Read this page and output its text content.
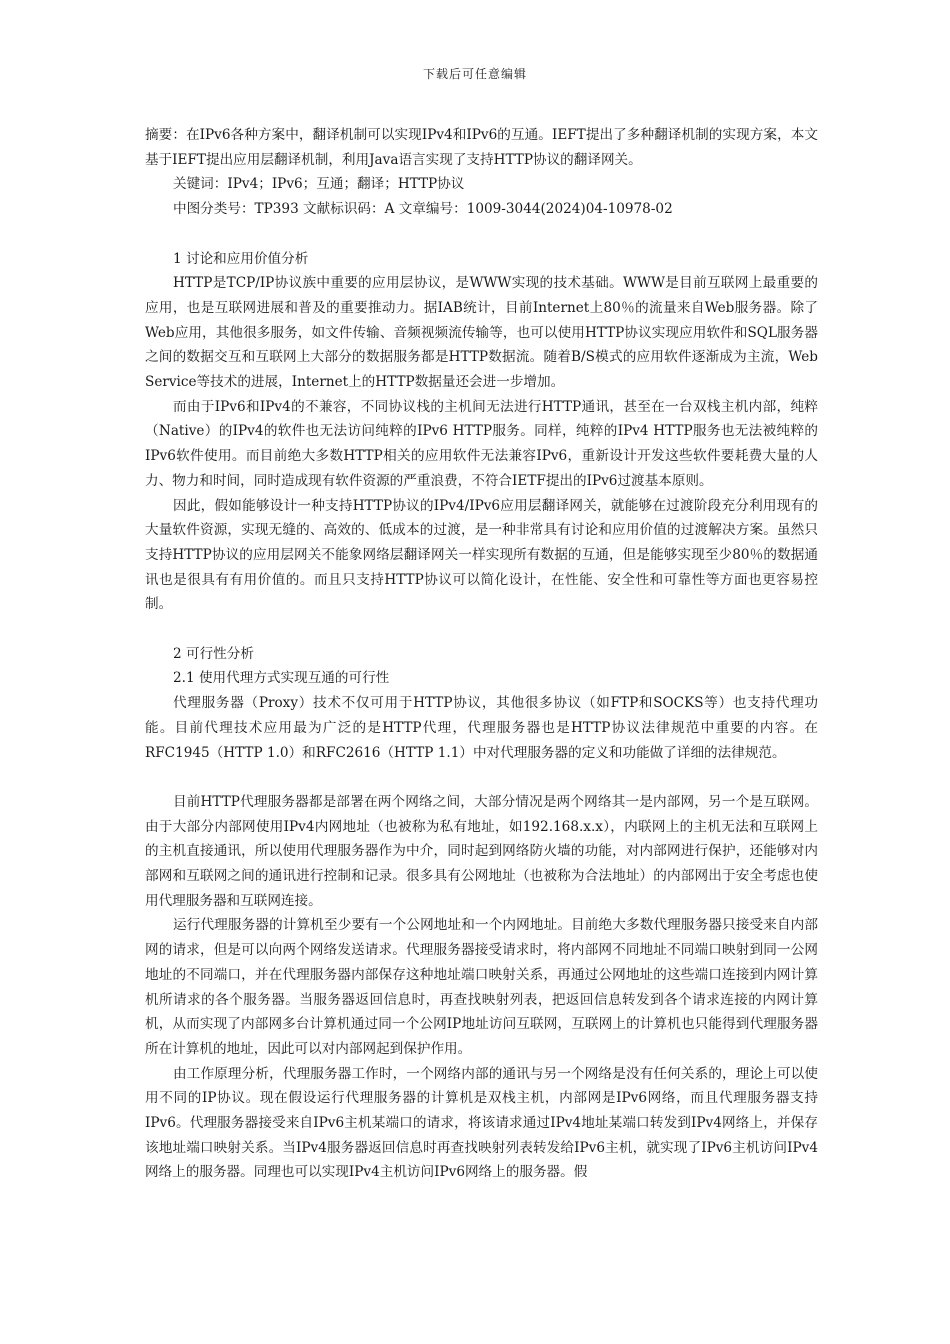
下载后可任意编辑

摘要：在IPv6各种方案中，翻译机制可以实现IPv4和IPv6的互通。IEFT提出了多种翻译机制的实现方案，本文基于IEFT提出应用层翻译机制，利用Java语言实现了支持HTTP协议的翻译网关。

关键词：IPv4；IPv6；互通；翻译；HTTP协议

中图分类号：TP393 文献标识码：A 文章编号：1009-3044(2024)04-10978-02

1 讨论和应用价值分析

HTTP是TCP/IP协议族中重要的应用层协议，是WWW实现的技术基础。WWW是目前互联网上最重要的应用，也是互联网进展和普及的重要推动力。据IAB统计，目前Internet上80％的流量来自Web服务器。除了Web应用，其他很多服务，如文件传输、音频视频流传输等，也可以使用HTTP协议实现应用软件和SQL服务器之间的数据交互和互联网上大部分的数据服务都是HTTP数据流。随着B/S模式的应用软件逐渐成为主流，Web Service等技术的进展，Internet上的HTTP数据量还会进一步增加。

而由于IPv6和IPv4的不兼容，不同协议栈的主机间无法进行HTTP通讯，甚至在一台双栈主机内部，纯粹（Native）的IPv4的软件也无法访问纯粹的IPv6 HTTP服务。同样，纯粹的IPv4 HTTP服务也无法被纯粹的IPv6软件使用。而目前绝大多数HTTP相关的应用软件无法兼容IPv6，重新设计开发这些软件要耗费大量的人力、物力和时间，同时造成现有软件资源的严重浪费，不符合IETF提出的IPv6过渡基本原则。

因此，假如能够设计一种支持HTTP协议的IPv4/IPv6应用层翻译网关，就能够在过渡阶段充分利用现有的大量软件资源，实现无缝的、高效的、低成本的过渡，是一种非常具有讨论和应用价值的过渡解决方案。虽然只支持HTTP协议的应用层网关不能象网络层翻译网关一样实现所有数据的互通，但是能够实现至少80％的数据通讯也是很具有有用价值的。而且只支持HTTP协议可以简化设计，在性能、安全性和可靠性等方面也更容易控制。

2 可行性分析

2.1 使用代理方式实现互通的可行性

代理服务器（Proxy）技术不仅可用于HTTP协议，其他很多协议（如FTP和SOCKS等）也支持代理功能。目前代理技术应用最为广泛的是HTTP代理，代理服务器也是HTTP协议法律规范中重要的内容。在RFC1945（HTTP 1.0）和RFC2616（HTTP 1.1）中对代理服务器的定义和功能做了详细的法律规范。

目前HTTP代理服务器都是部署在两个网络之间，大部分情况是两个网络其一是内部网，另一个是互联网。由于大部分内部网使用IPv4内网地址（也被称为私有地址，如192.168.x.x），内联网上的主机无法和互联网上的主机直接通讯，所以使用代理服务器作为中介，同时起到网络防火墙的功能，对内部网进行保护，还能够对内部网和互联网之间的通讯进行控制和记录。很多具有公网地址（也被称为合法地址）的内部网出于安全考虑也使用代理服务器和互联网连接。

运行代理服务器的计算机至少要有一个公网地址和一个内网地址。目前绝大多数代理服务器只接受来自内部网的请求，但是可以向两个网络发送请求。代理服务器接受请求时，将内部网不同地址不同端口映射到同一公网地址的不同端口，并在代理服务器内部保存这种地址端口映射关系，再通过公网地址的这些端口连接到内网计算机所请求的各个服务器。当服务器返回信息时，再查找映射列表，把返回信息转发到各个请求连接的内网计算机，从而实现了内部网多台计算机通过同一个公网IP地址访问互联网，互联网上的计算机也只能得到代理服务器所在计算机的地址，因此可以对内部网起到保护作用。

由工作原理分析，代理服务器工作时，一个网络内部的通讯与另一个网络是没有任何关系的，理论上可以使用不同的IP协议。现在假设运行代理服务器的计算机是双栈主机，内部网是IPv6网络，而且代理服务器支持IPv6。代理服务器接受来自IPv6主机某端口的请求，将该请求通过IPv4地址某端口转发到IPv4网络上，并保存该地址端口映射关系。当IPv4服务器返回信息时再查找映射列表转发给IPv6主机，就实现了IPv6主机访问IPv4网络上的服务器。同理也可以实现IPv4主机访问IPv6网络上的服务器。假
